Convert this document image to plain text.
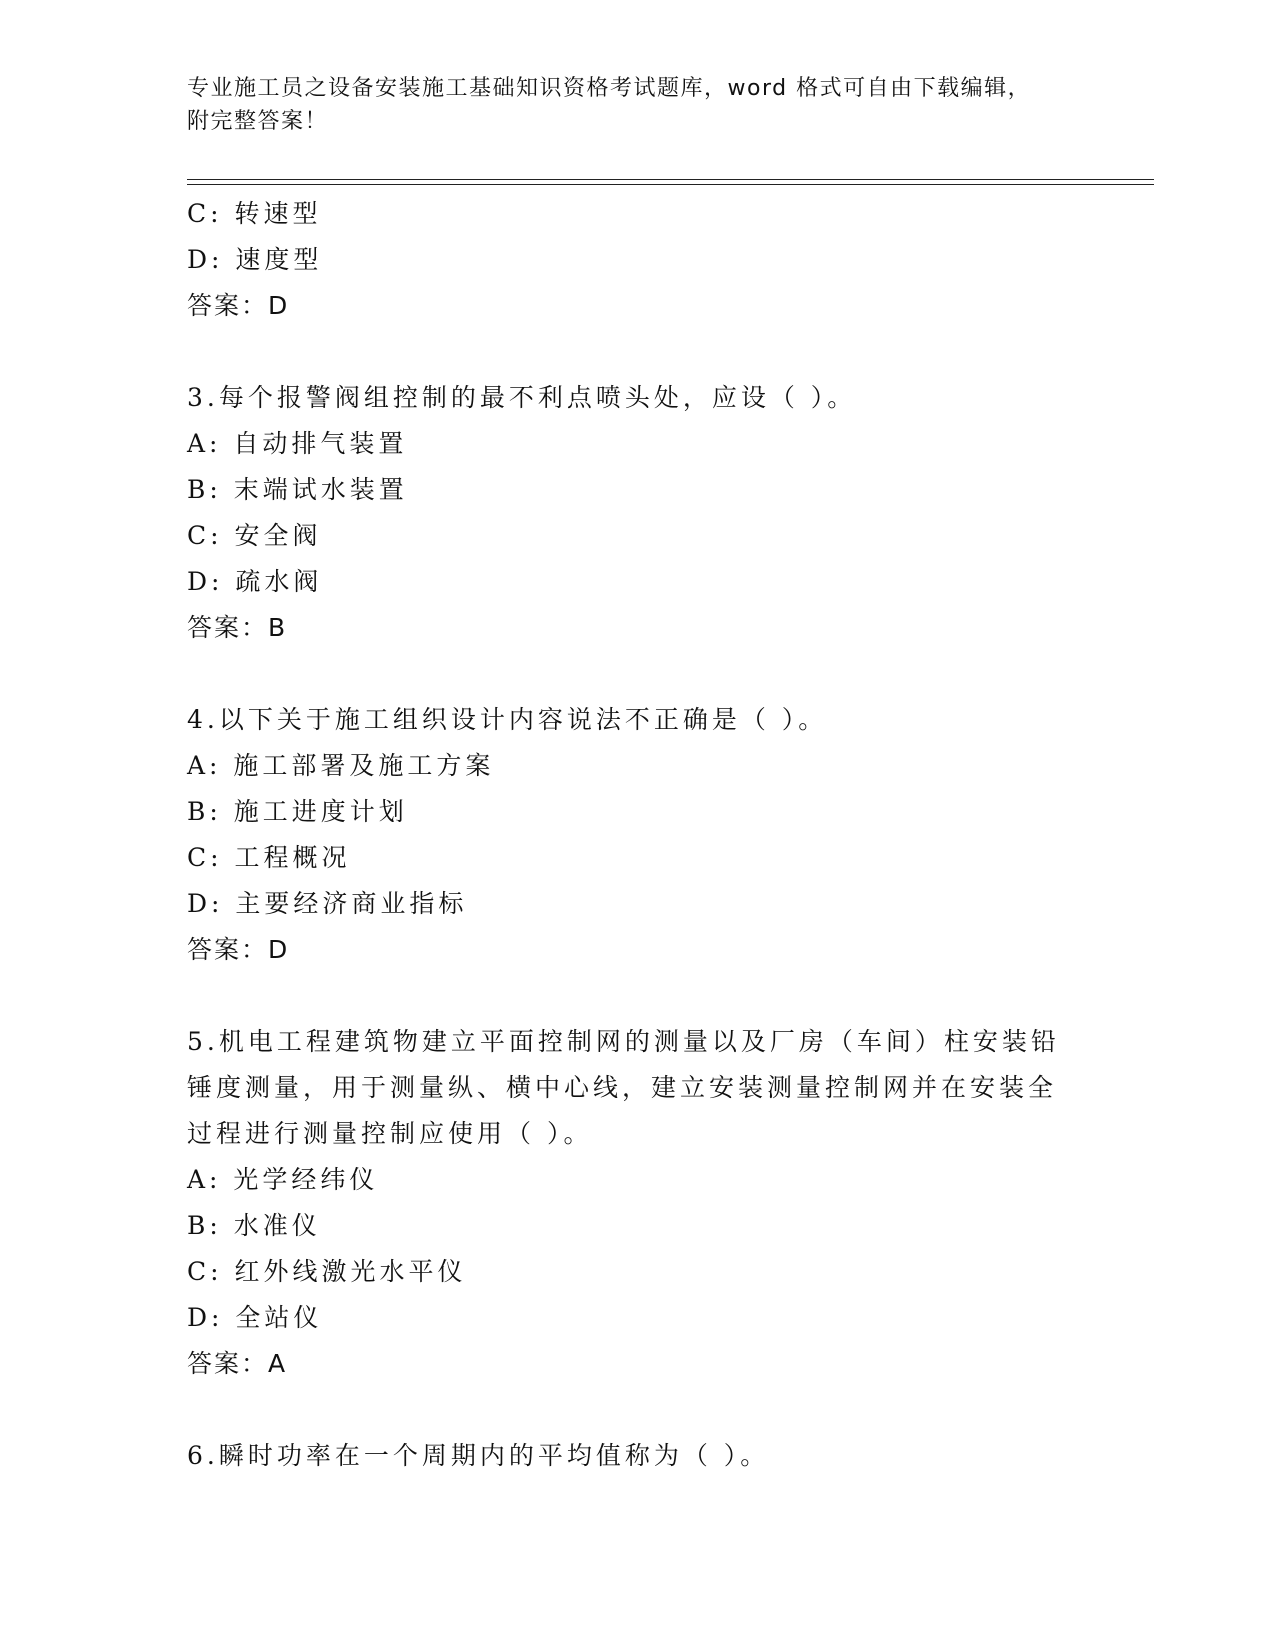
专业施工员之设备安装施工基础知识资格考试题库，word 格式可自由下载编辑，
附完整答案！
C: 转速型
D: 速度型
答案：D
3.每个报警阀组控制的最不利点喷头处，应设（ ）。
A: 自动排气装置
B: 末端试水装置
C: 安全阀
D: 疏水阀
答案：B
4.以下关于施工组织设计内容说法不正确是（ ）。
A: 施工部署及施工方案
B: 施工进度计划
C: 工程概况
D: 主要经济商业指标
答案：D
5.机电工程建筑物建立平面控制网的测量以及厂房（车间）柱安装铅
锤度测量，用于测量纵、横中心线，建立安装测量控制网并在安装全
过程进行测量控制应使用（ ）。
A: 光学经纬仪
B: 水准仪
C: 红外线激光水平仪
D: 全站仪
答案：A
6.瞬时功率在一个周期内的平均值称为（ ）。
